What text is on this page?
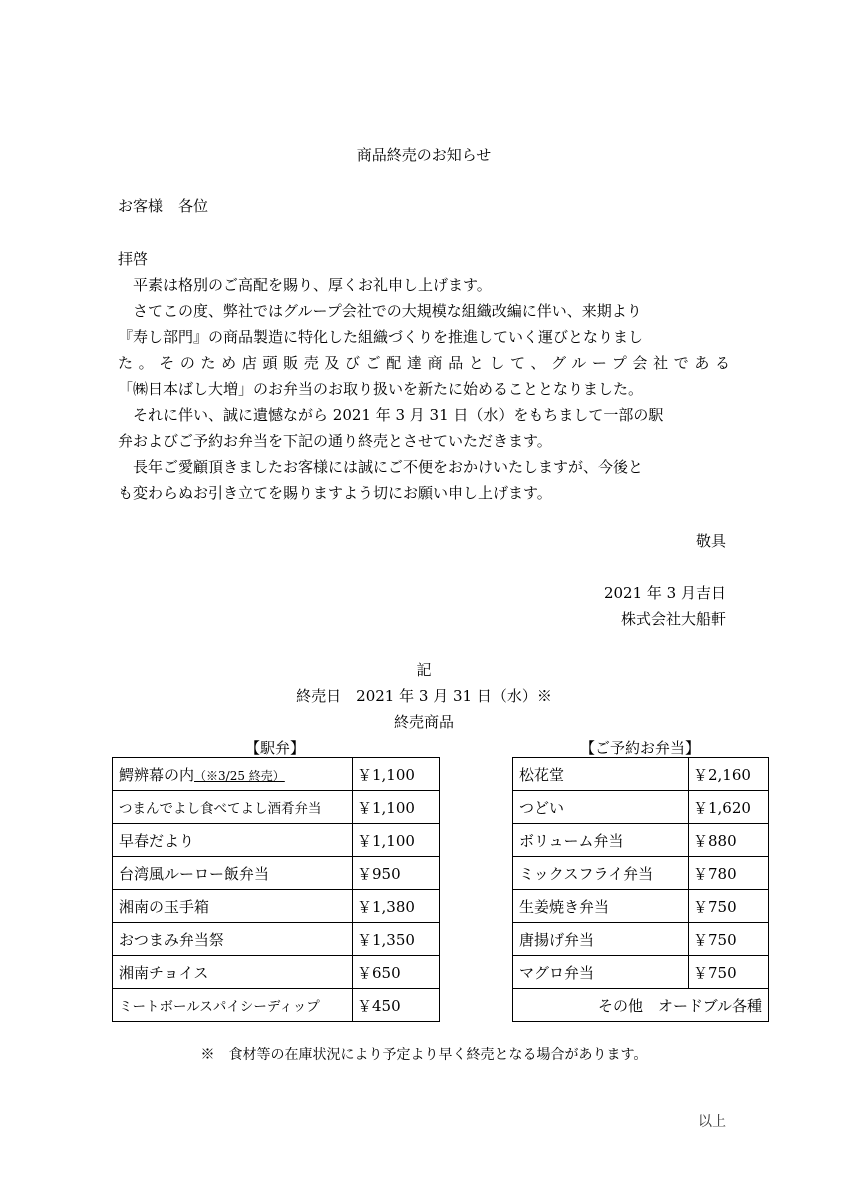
商品終売のお知らせ
お客様　各位
拝啓
平素は格別のご高配を賜り、厚くお礼申し上げます。
さてこの度、弊社ではグループ会社での大規模な組織改編に伴い、来期より
『寿し部門』の商品製造に特化した組織づくりを推進していく運びとなりまし
た。そのため店頭販売及びご配達商品として、グループ会社である
「㈱日本ばし大増」のお弁当のお取り扱いを新たに始めることとなりました。
それに伴い、誠に遺憾ながら 2021 年 3 月 31 日（水）をもちまして一部の駅
弁およびご予約お弁当を下記の通り終売とさせていただきます。
長年ご愛顧頂きましたお客様には誠にご不便をおかけいたしますが、今後と
も変わらぬお引き立てを賜りますよう切にお願い申し上げます。
敬具
2021 年 3 月吉日
株式会社大船軒
記
終売日　2021 年 3 月 31 日（水）※
終売商品
【駅弁】
鰐辨幕の内（※3/25 終売）	￥1,100
つまんでよし食べてよし酒肴弁当	￥1,100
早春だより	￥1,100
台湾風ルーロー飯弁当	￥950
湘南の玉手箱	￥1,380
おつまみ弁当祭	￥1,350
湘南チョイス	￥650
ミートボールスパイシーディップ	￥450
【ご予約お弁当】
松花堂	￥2,160
つどい	￥1,620
ボリューム弁当	￥880
ミックスフライ弁当	￥780
生姜焼き弁当	￥750
唐揚げ弁当	￥750
マグロ弁当	￥750
その他　オードブル各種	
※　食材等の在庫状況により予定より早く終売となる場合があります。
以上
